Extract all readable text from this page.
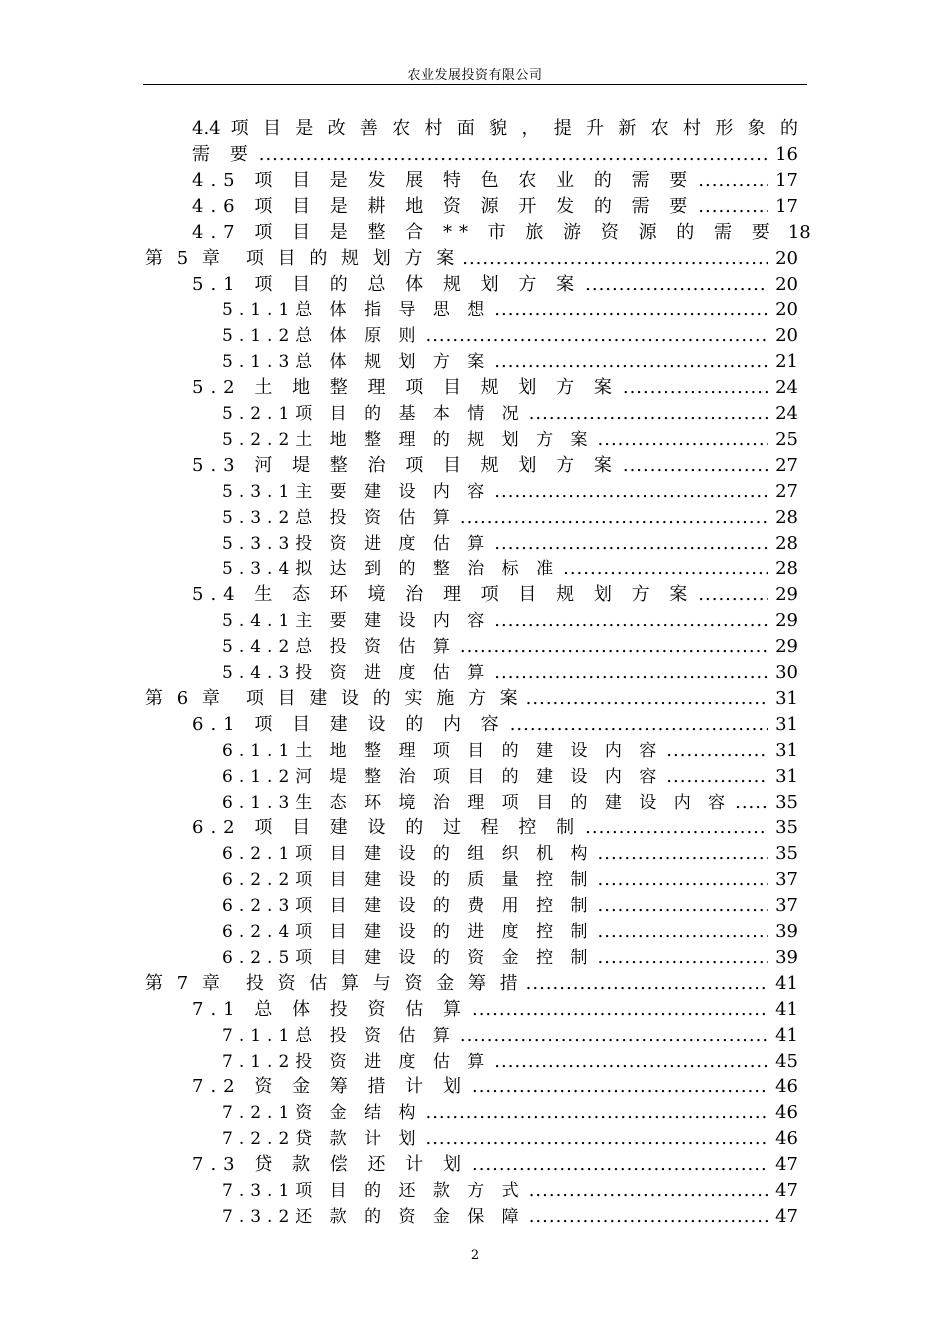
农业发展投资有限公司
4.4 项 目 是 改 善 农 村 面 貌 ， 提 升 新 农 村 形 象 的
需 要 .....	16
4.5 项 目 是 发 展 特 色 农 业 的 需 要 .....	17
4.6 项 目 是 耕 地 资 源 开 发 的 需 要 .....	17
4.7 项 目 是 整 合 ** 市 旅 游 资 源 的 需 要 18
第 5 章　项 目 的 规 划 方 案 .....	20
5.1 项 目 的 总 体 规 划 方 案 .....	20
5.1.1总 体 指 导 思 想 .....	20
5.1.2总 体 原 则 .....	20
5.1.3总 体 规 划 方 案 .....	21
5.2 土 地 整 理 项 目 规 划 方 案 .....	24
5.2.1项 目 的 基 本 情 况 .....	24
5.2.2土 地 整 理 的 规 划 方 案 .....	25
5.3 河 堤 整 治 项 目 规 划 方 案 .....	27
5.3.1主 要 建 设 内 容 .....	27
5.3.2总 投 资 估 算 .....	28
5.3.3投 资 进 度 估 算 .....	28
5.3.4拟 达 到 的 整 治 标 准 .....	28
5.4 生 态 环 境 治 理 项 目 规 划 方 案 .....	29
5.4.1主 要 建 设 内 容 .....	29
5.4.2总 投 资 估 算 .....	29
5.4.3投 资 进 度 估 算 .....	30
第 6 章　项 目 建 设 的 实 施 方 案 .....	31
6.1 项 目 建 设 的 内 容 .....	31
6.1.1土 地 整 理 项 目 的 建 设 内 容 .....	31
6.1.2河 堤 整 治 项 目 的 建 设 内 容 .....	31
6.1.3生 态 环 境 治 理 项 目 的 建 设 内 容 ..... 35
6.2 项 目 建 设 的 过 程 控 制 .....	35
6.2.1项 目 建 设 的 组 织 机 构 .....	35
6.2.2项 目 建 设 的 质 量 控 制 .....	37
6.2.3项 目 建 设 的 费 用 控 制 .....	37
6.2.4项 目 建 设 的 进 度 控 制 .....	39
6.2.5项 目 建 设 的 资 金 控 制 .....	39
第 7 章　投 资 估 算 与 资 金 筹 措 .....	41
7.1 总 体 投 资 估 算 .....	41
7.1.1总 投 资 估 算 .....	41
7.1.2投 资 进 度 估 算 .....	45
7.2 资 金 筹 措 计 划 .....	46
7.2.1资 金 结 构 .....	46
7.2.2贷 款 计 划 .....	46
7.3 贷 款 偿 还 计 划 .....	47
7.3.1项 目 的 还 款 方 式 .....	47
7.3.2还 款 的 资 金 保 障 .....	47
2
